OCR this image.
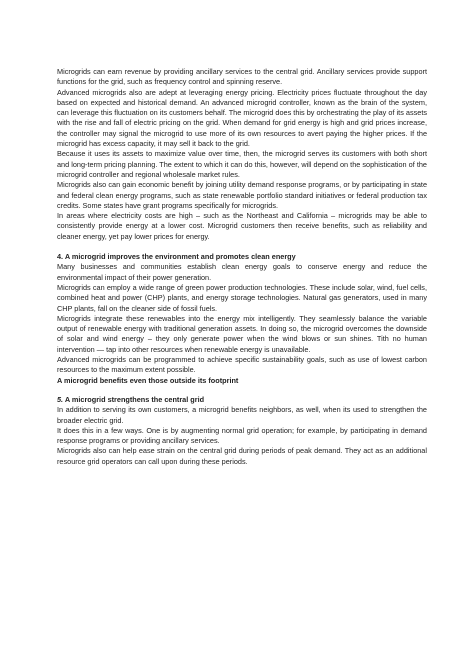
Microgrids can earn revenue by providing ancillary services to the central grid. Ancillary services provide support functions for the grid, such as frequency control and spinning reserve.

Advanced microgrids also are adept at leveraging energy pricing. Electricity prices fluctuate throughout the day based on expected and historical demand. An advanced microgrid controller, known as the brain of the system, can leverage this fluctuation on its customers behalf. The microgrid does this by orchestrating the play of its assets with the rise and fall of electric pricing on the grid. When demand for grid energy is high and grid prices increase, the controller may signal the microgrid to use more of its own resources to avert paying the higher prices. If the microgrid has excess capacity, it may sell it back to the grid.

Because it uses its assets to maximize value over time, then, the microgrid serves its customers with both short and long-term pricing planning. The extent to which it can do this, however, will depend on the sophistication of the microgrid controller and regional wholesale market rules.

Microgrids also can gain economic benefit by joining utility demand response programs, or by participating in state and federal clean energy programs, such as state renewable portfolio standard initiatives or federal production tax credits. Some states have grant programs specifically for microgrids.

In areas where electricity costs are high – such as the Northeast and California – microgrids may be able to consistently provide energy at a lower cost. Microgrid customers then receive benefits, such as reliability and cleaner energy, yet pay lower prices for energy.

4. A microgrid improves the environment and promotes clean energy

Many businesses and communities establish clean energy goals to conserve energy and reduce the environmental impact of their power generation.

Microgrids can employ a wide range of green power production technologies. These include solar, wind, fuel cells, combined heat and power (CHP) plants, and energy storage technologies. Natural gas generators, used in many CHP plants, fall on the cleaner side of fossil fuels.

Microgrids integrate these renewables into the energy mix intelligently. They seamlessly balance the variable output of renewable energy with traditional generation assets. In doing so, the microgrid overcomes the downside of solar and wind energy – they only generate power when the wind blows or sun shines. Tith no human intervention — tap into other resources when renewable energy is unavailable.

Advanced microgrids can be programmed to achieve specific sustainability goals, such as use of lowest carbon resources to the maximum extent possible.

A microgrid benefits even those outside its footprint

5. A microgrid strengthens the central grid

In addition to serving its own customers, a microgrid benefits neighbors, as well, when its used to strengthen the broader electric grid.

It does this in a few ways. One is by augmenting normal grid operation; for example, by participating in demand response programs or providing ancillary services.

Microgrids also can help ease strain on the central grid during periods of peak demand. They act as an additional resource grid operators can call upon during these periods.
